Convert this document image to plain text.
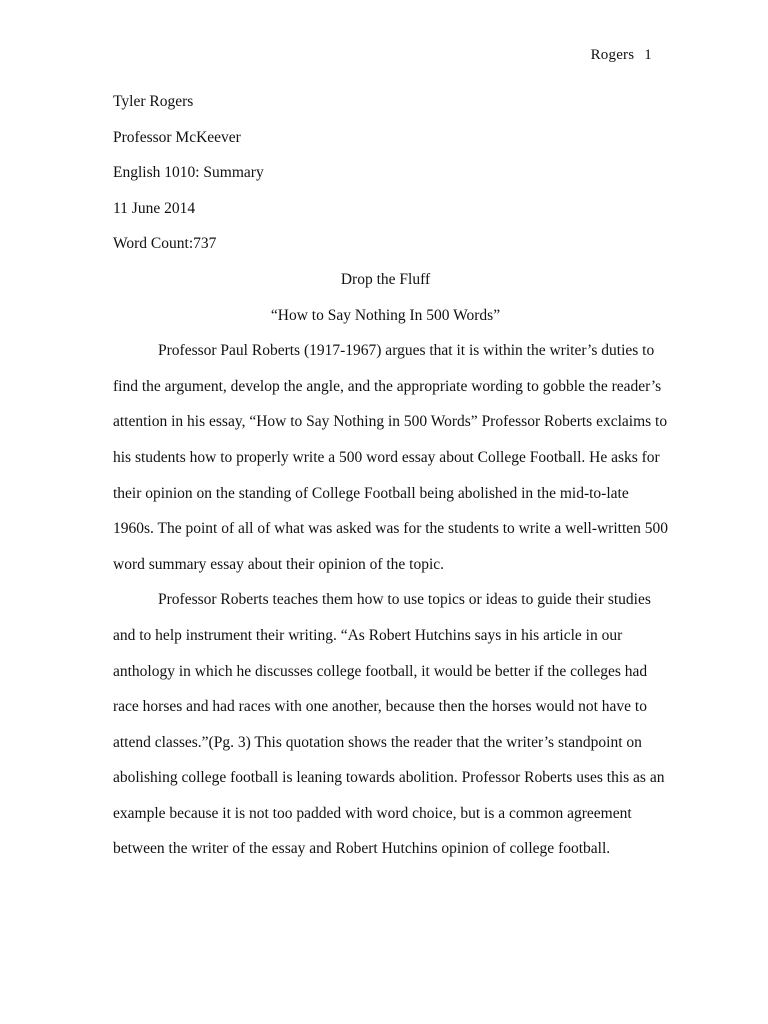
Rogers 1
Tyler Rogers
Professor McKeever
English 1010: Summary
11 June 2014
Word Count:737
Drop the Fluff
“How to Say Nothing In 500 Words”
Professor Paul Roberts (1917-1967) argues that it is within the writer’s duties to
find the argument, develop the angle, and the appropriate wording to gobble the reader’s
attention in his essay, “How to Say Nothing in 500 Words” Professor Roberts exclaims to
his students how to properly write a 500 word essay about College Football. He asks for
their opinion on the standing of College Football being abolished in the mid-to-late
1960s. The point of all of what was asked was for the students to write a well-written 500
word summary essay about their opinion of the topic.
Professor Roberts teaches them how to use topics or ideas to guide their studies
and to help instrument their writing. “As Robert Hutchins says in his article in our
anthology in which he discusses college football, it would be better if the colleges had
race horses and had races with one another, because then the horses would not have to
attend classes.”(Pg. 3) This quotation shows the reader that the writer’s standpoint on
abolishing college football is leaning towards abolition. Professor Roberts uses this as an
example because it is not too padded with word choice, but is a common agreement
between the writer of the essay and Robert Hutchins opinion of college football.
